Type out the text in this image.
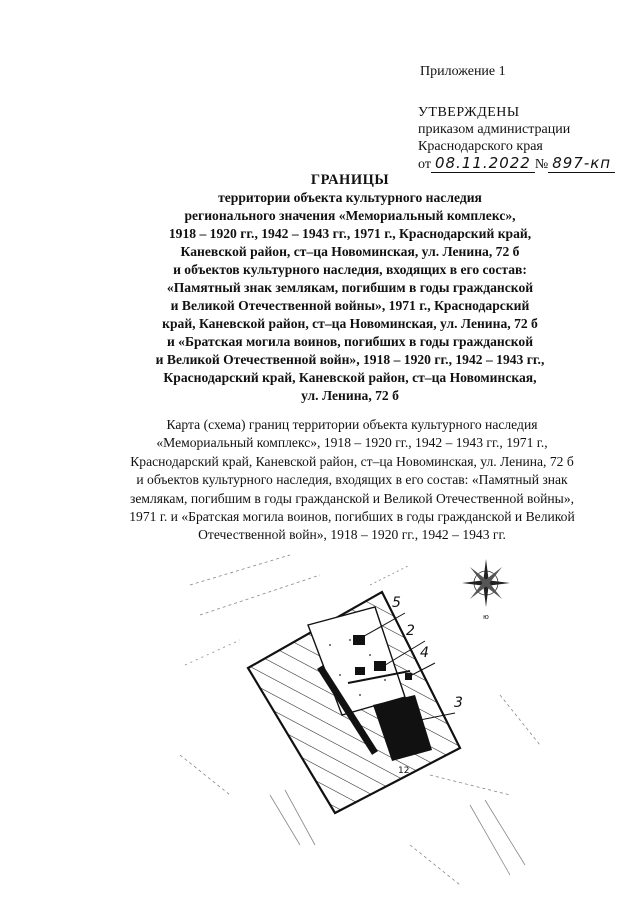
Приложение 1
УТВЕРЖДЕНЫ
приказом администрации
Краснодарского края
от 08.11.2022 № 897-кп
ГРАНИЦЫ
территории объекта культурного наследия
регионального значения «Мемориальный комплекс»,
1918 – 1920 гг., 1942 – 1943 гг., 1971 г., Краснодарский край,
Каневской район, ст–ца Новоминская, ул. Ленина, 72 б
и объектов культурного наследия, входящих в его состав:
«Памятный знак землякам, погибшим в годы гражданской
и Великой Отечественной войны», 1971 г., Краснодарский
край, Каневской район, ст–ца Новоминская, ул. Ленина, 72 б
и «Братская могила воинов, погибших в годы гражданской
и Великой Отечественной войн», 1918 – 1920 гг., 1942 – 1943 гг.,
Краснодарский край, Каневской район, ст–ца Новоминская,
ул. Ленина, 72 б
Карта (схема) границ территории объекта культурного наследия
«Мемориальный комплекс», 1918 – 1920 гг., 1942 – 1943 гг., 1971 г.,
Краснодарский край, Каневской район, ст–ца Новоминская, ул. Ленина, 72 б
и объектов культурного наследия, входящих в его состав: «Памятный знак
землякам, погибшим в годы гражданской и Великой Отечественной войны»,
1971 г. и «Братская могила воинов, погибших в годы гражданской и Великой
Отечественной войн», 1918 – 1920 гг., 1942 – 1943 гг.
5
2
4
3
12
ю
